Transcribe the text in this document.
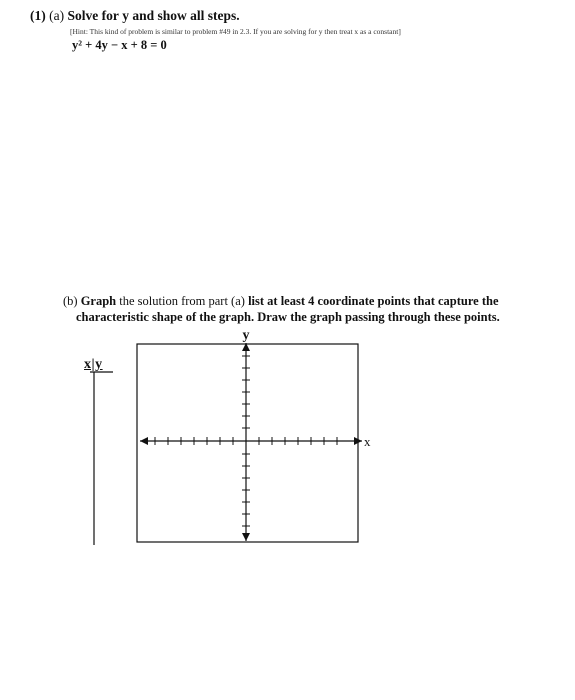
(1) (a) Solve for y and show all steps.
[Hint: This kind of problem is similar to problem #49 in 2.3. If you are solving for y then treat x as a constant]
y² + 4y − x + 8 = 0
(b) Graph the solution from part (a) list at least 4 coordinate points that capture the
characteristic shape of the graph. Draw the graph passing through these points.
x|y
y
x
